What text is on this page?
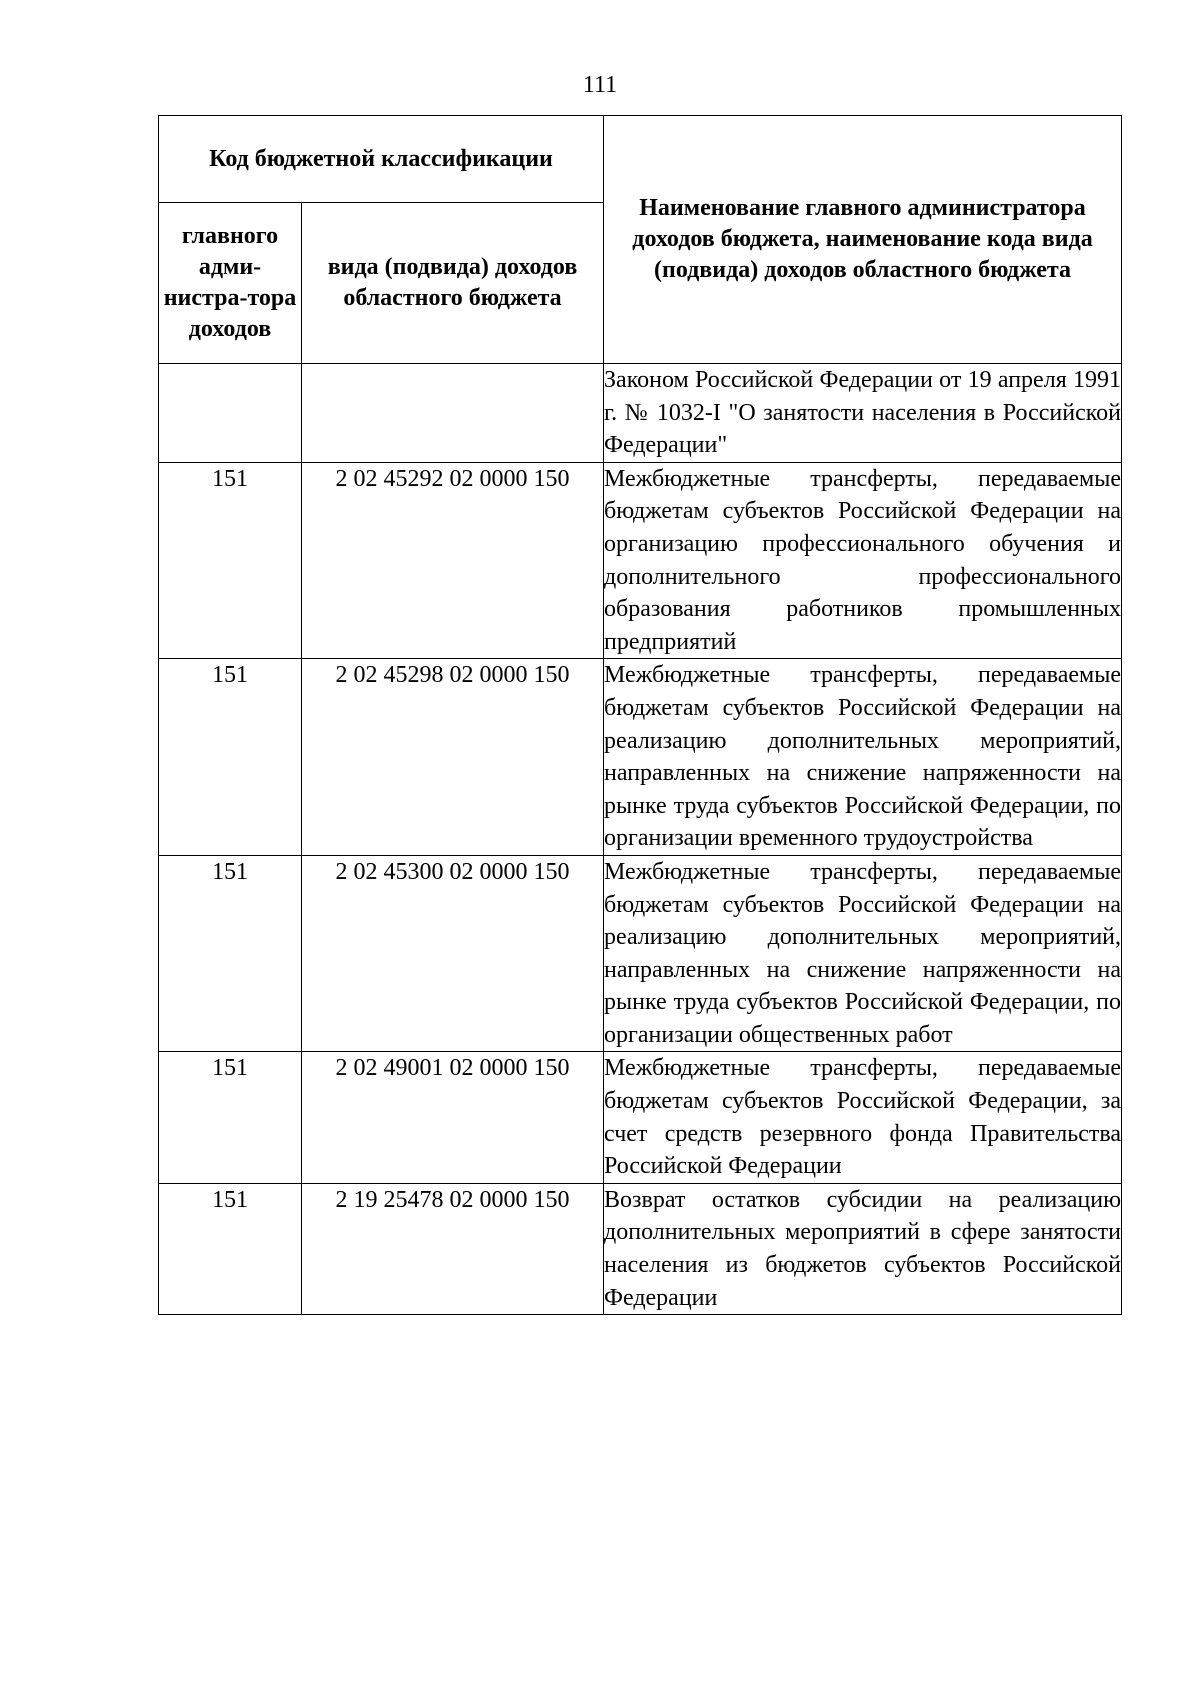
111
Код бюджетной классификации		Наименование главного администратора доходов бюджета, наименование кода вида (подвида) доходов областного бюджета
главного адми-нистра-тора доходов	вида (подвида) доходов областного бюджета	
		Законом Российской Федерации от 19 апреля 1991 г. № 1032-I "О занятости населения в Российской Федерации"
151	2 02 45292 02 0000 150	Межбюджетные трансферты, передаваемые бюджетам субъектов Российской Федерации на организацию профессионального обучения и дополнительного профессионального образования работников промышленных предприятий
151	2 02 45298 02 0000 150	Межбюджетные трансферты, передаваемые бюджетам субъектов Российской Федерации на реализацию дополнительных мероприятий, направленных на снижение напряженности на рынке труда субъектов Российской Федерации, по организации временного трудоустройства
151	2 02 45300 02 0000 150	Межбюджетные трансферты, передаваемые бюджетам субъектов Российской Федерации на реализацию дополнительных мероприятий, направленных на снижение напряженности на рынке труда субъектов Российской Федерации, по организации общественных работ
151	2 02 49001 02 0000 150	Межбюджетные трансферты, передаваемые бюджетам субъектов Российской Федерации, за счет средств резервного фонда Правительства Российской Федерации
151	2 19 25478 02 0000 150	Возврат остатков субсидии на реализацию дополнительных мероприятий в сфере занятости населения из бюджетов субъектов Российской Федерации
